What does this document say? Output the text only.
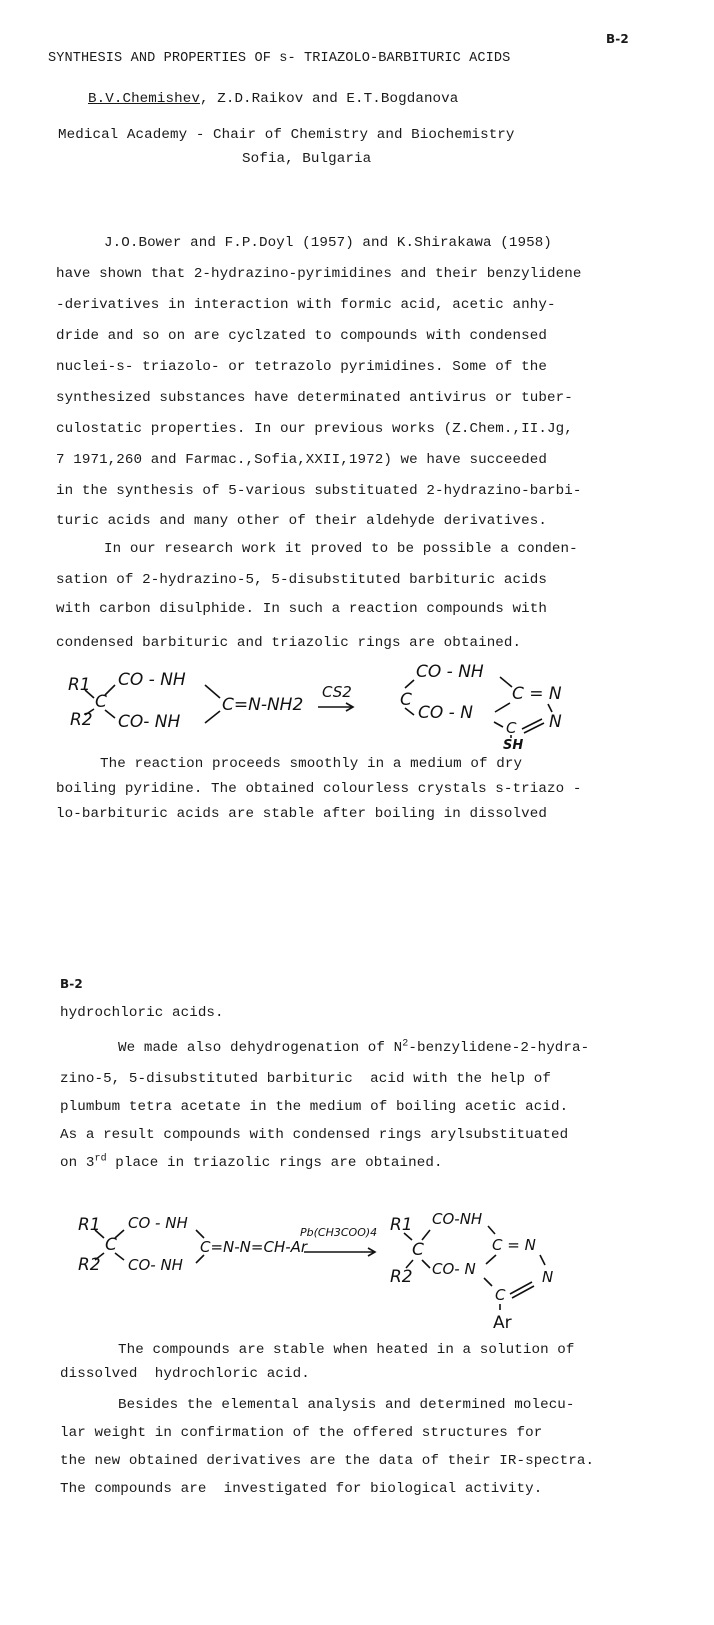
B-2
SYNTHESIS AND PROPERTIES OF s- TRIAZOLO-BARBITURIC ACIDS
B.V.Chemishev, Z.D.Raikov and E.T.Bogdanova
Medical Academy - Chair of Chemistry and Biochemistry
Sofia, Bulgaria
J.O.Bower and F.P.Doyl (1957) and K.Shirakawa (1958)
have shown that 2-hydrazino-pyrimidines and their benzylidene
-derivatives in interaction with formic acid, acetic anhy-
dride and so on are cyclzated to compounds with condensed
nuclei-s- triazolo- or tetrazolo pyrimidines. Some of the
synthesized substances have determinated antivirus or tuber-
culostatic properties. In our previous works (Z.Chem.,II.Jg,
7 1971,260 and Farmac.,Sofia,XXII,1972) we have succeeded
in the synthesis of 5-various substituated 2-hydrazino-barbi-
turic acids and many other of their aldehyde derivatives.
In our research work it proved to be possible a conden-
sation of 2-hydrazino-5, 5-disubstituted barbituric acids
with carbon disulphide. In such a reaction compounds with
condensed barbituric and triazolic rings are obtained.
R1
R2
C
CO - NH
CO- NH
C=N-NH2
CS2	C
CO - NH
C = N
CO - N	N
C
SH
The reaction proceeds smoothly in a medium of dry
boiling pyridine. The obtained colourless crystals s-triazo -
lo-barbituric acids are stable after boiling in dissolved
B-2
hydrochloric acids.
We made also dehydrogenation of $N^2-benzylidene-2-hydra-$
zino-5, 5-disubstituted barbituric  acid with the help of
plumbum tetra acetate in the medium of boiling acetic acid.
As a result compounds with condensed rings arylsubstituated
on 3rd place in triazolic rings are obtained.
R1
R2
C
CO - NH
CO- NH
C=N-N=CH-Ar
Pb(CH3COO)4 R1
R2
C
CO-NH
C = N
CO- N	N
C
Ar
The compounds are stable when heated in a solution of
dissolved  hydrochloric acid.
Besides the elemental analysis and determined molecu-
lar weight in confirmation of the offered structures for
the new obtained derivatives are the data of their IR-spectra.
The compounds are  investigated for biological activity.
